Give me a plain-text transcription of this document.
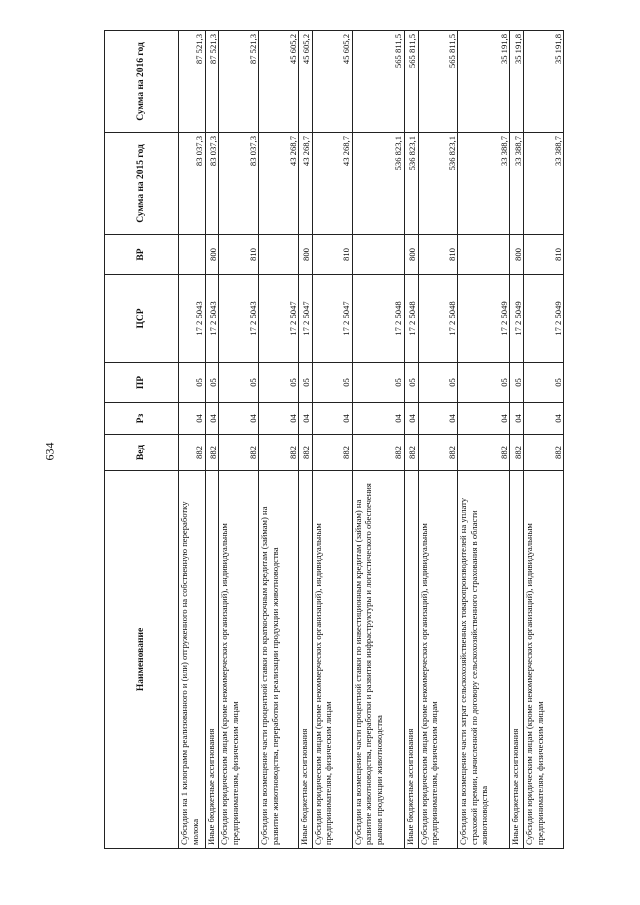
634
Наименование	Вед	Рз	ПР	ЦСР	ВР	Сумма на 2015 год	Сумма на 2016 год
Субсидии на 1 килограмм реализованного и (или) отгруженного на собственную переработку молока	882	04	05	17 2 5043		83 037,3	87 521,3
Иные бюджетные ассигнования	882	04	05	17 2 5043	800	83 037,3	87 521,3
Субсидии юридическим лицам (кроме некоммерческих организаций), индивидуальным предпринимателям, физическим лицам	882	04	05	17 2 5043	810	83 037,3	87 521,3
Субсидии на возмещение части процентной ставки по краткосрочным кредитам (займам) на развитие животноводства, переработки и реализации продукции животноводства	882	04	05	17 2 5047		43 268,7	45 605,2
Иные бюджетные ассигнования	882	04	05	17 2 5047	800	43 268,7	45 605,2
Субсидии юридическим лицам (кроме некоммерческих организаций), индивидуальным предпринимателям, физическим лицам	882	04	05	17 2 5047	810	43 268,7	45 605,2
Субсидии на возмещение части процентной ставки по инвестиционным кредитам (займам) на развитие животноводства, переработки и развития инфраструктуры и логистического обеспечения рынков продукции животноводства	882	04	05	17 2 5048		536 823,1	565 811,5
Иные бюджетные ассигнования	882	04	05	17 2 5048	800	536 823,1	565 811,5
Субсидии юридическим лицам (кроме некоммерческих организаций), индивидуальным предпринимателям, физическим лицам	882	04	05	17 2 5048	810	536 823,1	565 811,5
Субсидии на возмещение части затрат сельскохозяйственных товаропроизводителей на уплату страховой премии, начисленной по договору сельскохозяйственного страхования в области животноводства	882	04	05	17 2 5049		33 388,7	35 191,8
Иные бюджетные ассигнования	882	04	05	17 2 5049	800	33 388,7	35 191,8
Субсидии юридическим лицам (кроме некоммерческих организаций), индивидуальным предпринимателям, физическим лицам	882	04	05	17 2 5049	810	33 388,7	35 191,8
